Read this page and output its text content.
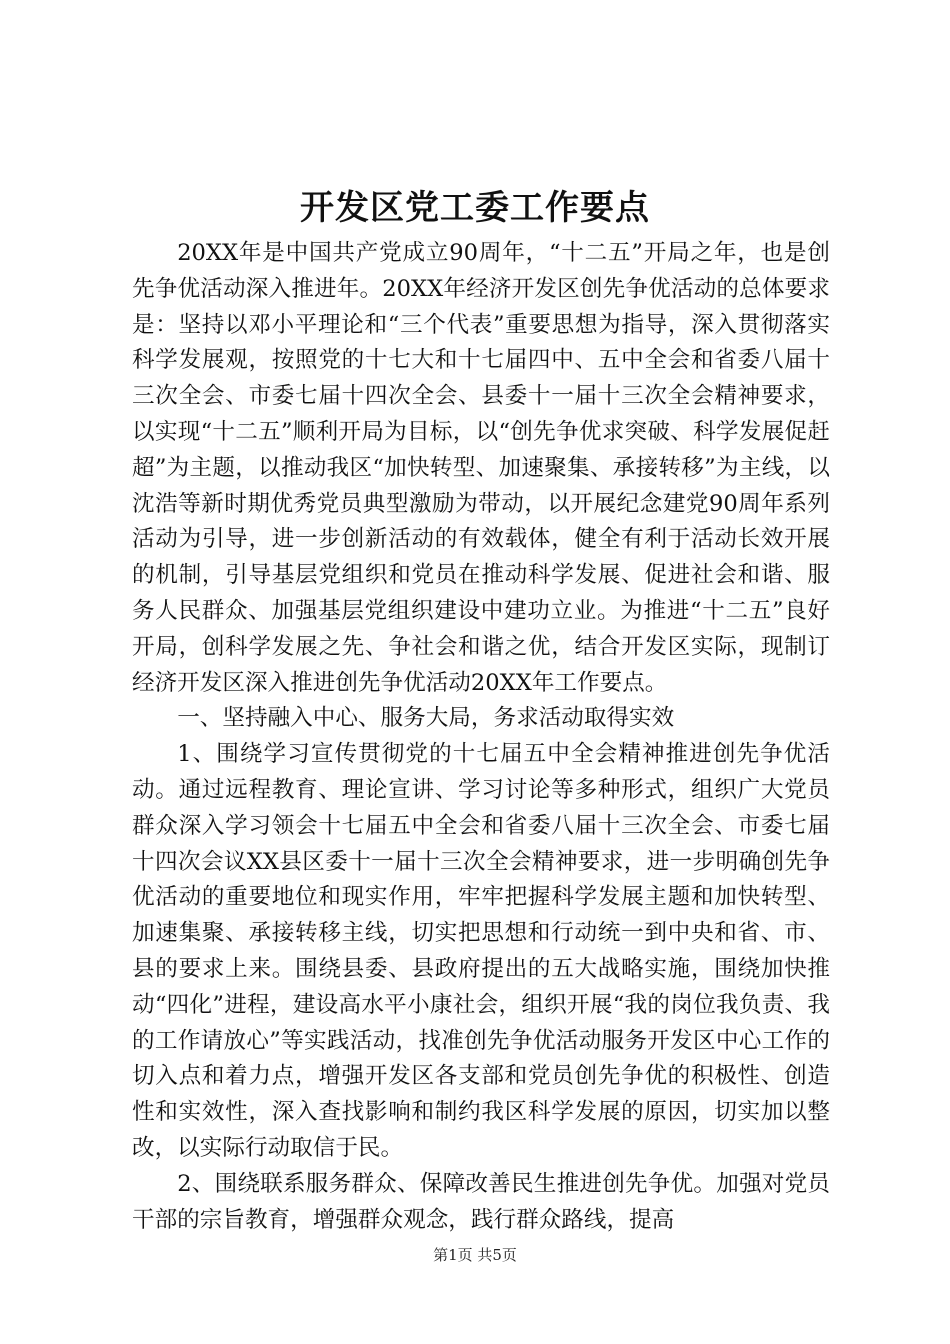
开发区党工委工作要点

20XX年是中国共产党成立90周年，“十二五”开局之年，也是创先争优活动深入推进年。20XX年经济开发区创先争优活动的总体要求是：坚持以邓小平理论和“三个代表”重要思想为指导，深入贯彻落实科学发展观，按照党的十七大和十七届四中、五中全会和省委八届十三次全会、市委七届十四次全会、县委十一届十三次全会精神要求，以实现“十二五”顺利开局为目标，以“创先争优求突破、科学发展促赶超”为主题，以推动我区“加快转型、加速聚集、承接转移”为主线，以沈浩等新时期优秀党员典型激励为带动，以开展纪念建党90周年系列活动为引导，进一步创新活动的有效载体，健全有利于活动长效开展的机制，引导基层党组织和党员在推动科学发展、促进社会和谐、服务人民群众、加强基层党组织建设中建功立业。为推进“十二五”良好开局，创科学发展之先、争社会和谐之优，结合开发区实际，现制订经济开发区深入推进创先争优活动20XX年工作要点。

一、坚持融入中心、服务大局，务求活动取得实效

1、围绕学习宣传贯彻党的十七届五中全会精神推进创先争优活动。通过远程教育、理论宣讲、学习讨论等多种形式，组织广大党员群众深入学习领会十七届五中全会和省委八届十三次全会、市委七届十四次会议XX县区委十一届十三次全会精神要求，进一步明确创先争优活动的重要地位和现实作用，牢牢把握科学发展主题和加快转型、加速集聚、承接转移主线，切实把思想和行动统一到中央和省、市、县的要求上来。围绕县委、县政府提出的五大战略实施，围绕加快推动“四化”进程，建设高水平小康社会，组织开展“我的岗位我负责、我的工作请放心”等实践活动，找准创先争优活动服务开发区中心工作的切入点和着力点，增强开发区各支部和党员创先争优的积极性、创造性和实效性，深入查找影响和制约我区科学发展的原因，切实加以整改，以实际行动取信于民。

2、围绕联系服务群众、保障改善民生推进创先争优。加强对党员干部的宗旨教育，增强群众观念，践行群众路线，提高

第1页 共5页
